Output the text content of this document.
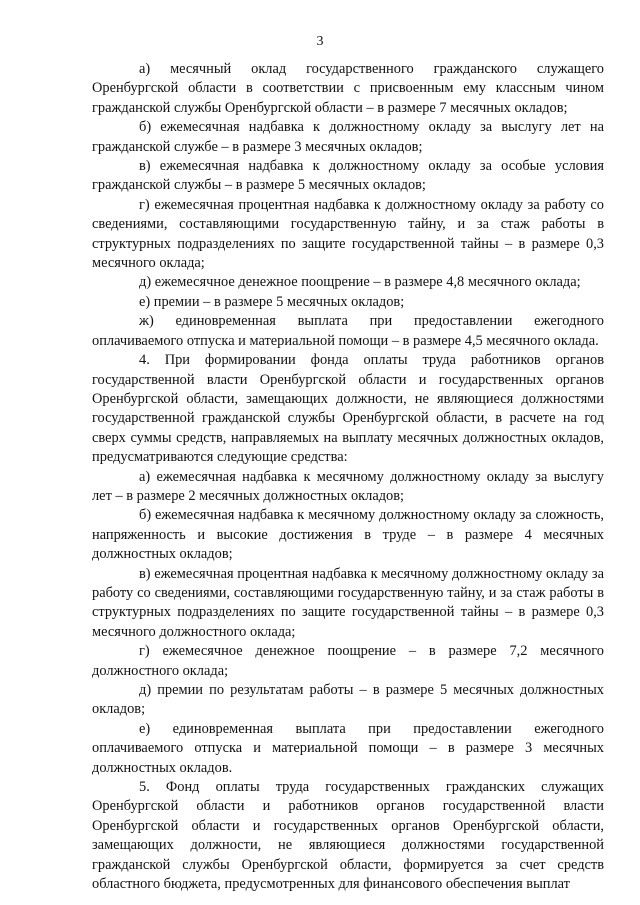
3

а) месячный оклад государственного гражданского служащего Оренбургской области в соответствии с присвоенным ему классным чином гражданской службы Оренбургской области – в размере 7 месячных окладов;

б) ежемесячная надбавка к должностному окладу за выслугу лет на гражданской службе – в размере 3 месячных окладов;

в) ежемесячная надбавка к должностному окладу за особые условия гражданской службы – в размере 5 месячных окладов;

г) ежемесячная процентная надбавка к должностному окладу за работу со сведениями, составляющими государственную тайну, и за стаж работы в структурных подразделениях по защите государственной тайны – в размере 0,3 месячного оклада;

д) ежемесячное денежное поощрение – в размере 4,8 месячного оклада;

е) премии – в размере 5 месячных окладов;

ж) единовременная выплата при предоставлении ежегодного оплачиваемого отпуска и материальной помощи – в размере 4,5 месячного оклада.

4. При формировании фонда оплаты труда работников органов государственной власти Оренбургской области и государственных органов Оренбургской области, замещающих должности, не являющиеся должностями государственной гражданской службы Оренбургской области, в расчете на год сверх суммы средств, направляемых на выплату месячных должностных окладов, предусматриваются следующие средства:

а) ежемесячная надбавка к месячному должностному окладу за выслугу лет – в размере 2 месячных должностных окладов;

б) ежемесячная надбавка к месячному должностному окладу за сложность, напряженность и высокие достижения в труде – в размере 4 месячных должностных окладов;

в) ежемесячная процентная надбавка к месячному должностному окладу за работу со сведениями, составляющими государственную тайну, и за стаж работы в структурных подразделениях по защите государственной тайны – в размере 0,3 месячного должностного оклада;

г) ежемесячное денежное поощрение – в размере 7,2 месячного должностного оклада;

д) премии по результатам работы – в размере 5 месячных должностных окладов;

е) единовременная выплата при предоставлении ежегодного оплачиваемого отпуска и материальной помощи – в размере 3 месячных должностных окладов.

5. Фонд оплаты труда государственных гражданских служащих Оренбургской области и работников органов государственной власти Оренбургской области и государственных органов Оренбургской области, замещающих должности, не являющиеся должностями государственной гражданской службы Оренбургской области, формируется за счет средств областного бюджета, предусмотренных для финансового обеспечения выплат
